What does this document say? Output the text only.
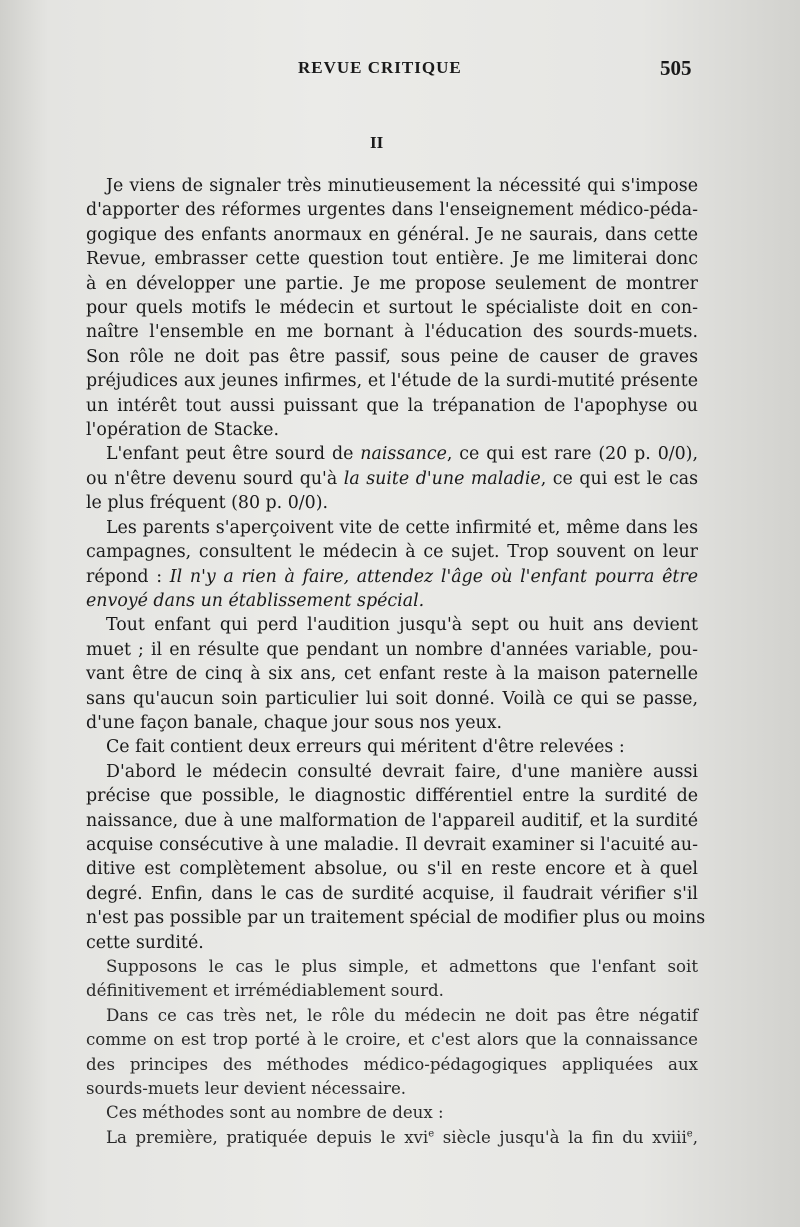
REVUE CRITIQUE	505
II

Je viens de signaler très minutieusement la nécessité qui s'impose
d'apporter des réformes urgentes dans l'enseignement médico-péda-
gogique des enfants anormaux en général. Je ne saurais, dans cette
Revue, embrasser cette question tout entière. Je me limiterai donc
à en développer une partie. Je me propose seulement de montrer
pour quels motifs le médecin et surtout le spécialiste doit en con-
naître l'ensemble en me bornant à l'éducation des sourds-muets.
Son rôle ne doit pas être passif, sous peine de causer de graves
préjudices aux jeunes infirmes, et l'étude de la surdi-mutité présente
un intérêt tout aussi puissant que la trépanation de l'apophyse ou
l'opération de Stacke.

L'enfant peut être sourd de naissance, ce qui est rare (20 p. 0/0),
ou n'être devenu sourd qu'à la suite d'une maladie, ce qui est le cas
le plus fréquent (80 p. 0/0).

Les parents s'aperçoivent vite de cette infirmité et, même dans les
campagnes, consultent le médecin à ce sujet. Trop souvent on leur
répond : Il n'y a rien à faire, attendez l'âge où l'enfant pourra être
envoyé dans un établissement spécial.

Tout enfant qui perd l'audition jusqu'à sept ou huit ans devient
muet ; il en résulte que pendant un nombre d'années variable, pou-
vant être de cinq à six ans, cet enfant reste à la maison paternelle
sans qu'aucun soin particulier lui soit donné. Voilà ce qui se passe,
d'une façon banale, chaque jour sous nos yeux.

Ce fait contient deux erreurs qui méritent d'être relevées :

D'abord le médecin consulté devrait faire, d'une manière aussi
précise que possible, le diagnostic différentiel entre la surdité de
naissance, due à une malformation de l'appareil auditif, et la surdité
acquise consécutive à une maladie. Il devrait examiner si l'acuité au-
ditive est complètement absolue, ou s'il en reste encore et à quel
degré. Enfin, dans le cas de surdité acquise, il faudrait vérifier s'il
n'est pas possible par un traitement spécial de modifier plus ou moins
cette surdité.

Supposons le cas le plus simple, et admettons que l'enfant soit
définitivement et irrémédiablement sourd.

Dans ce cas très net, le rôle du médecin ne doit pas être négatif
comme on est trop porté à le croire, et c'est alors que la connaissance
des principes des méthodes médico-pédagogiques appliquées aux
sourds-muets leur devient nécessaire.

Ces méthodes sont au nombre de deux :

La première, pratiquée depuis le xvi$^e$ siècle jusqu'à la fin du xviii$^e$,
